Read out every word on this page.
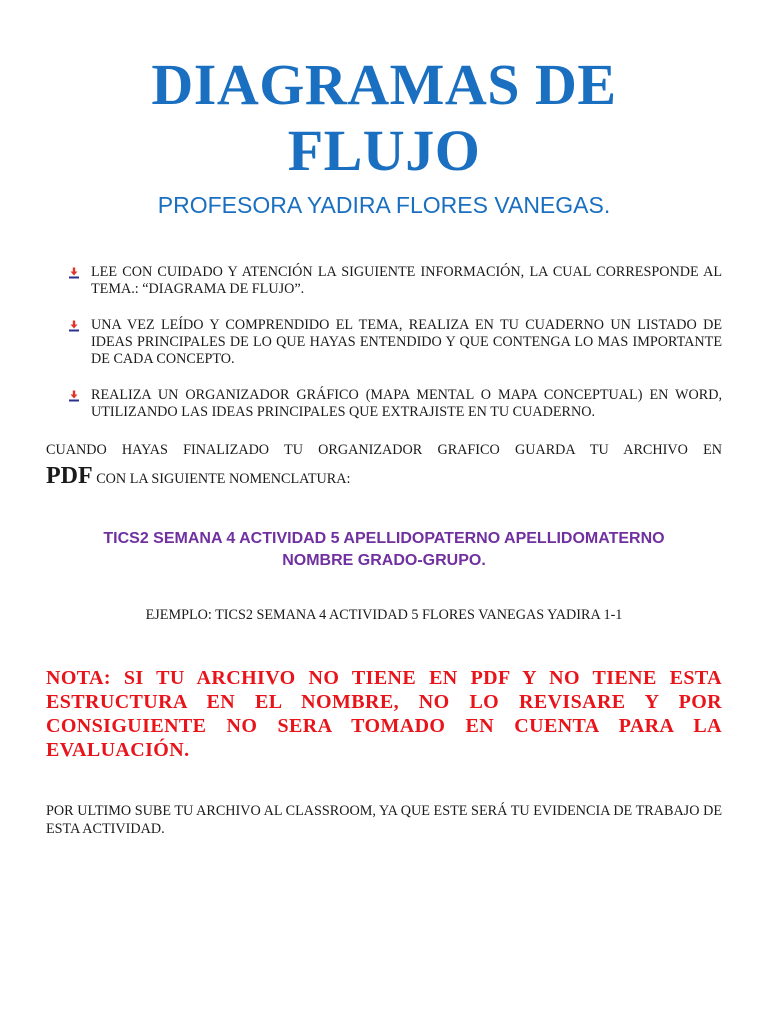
DIAGRAMAS DE
FLUJO

PROFESORA YADIRA FLORES VANEGAS.

LEE CON CUIDADO Y ATENCIÓN LA SIGUIENTE INFORMACIÓN, LA CUAL CORRESPONDE AL TEMA.: “DIAGRAMA DE FLUJO”.
UNA VEZ LEÍDO Y COMPRENDIDO EL TEMA, REALIZA EN TU CUADERNO UN LISTADO DE IDEAS PRINCIPALES DE LO QUE HAYAS ENTENDIDO Y QUE CONTENGA LO MAS IMPORTANTE DE CADA CONCEPTO.
REALIZA UN ORGANIZADOR GRÁFICO (MAPA MENTAL O MAPA CONCEPTUAL) EN WORD, UTILIZANDO LAS IDEAS PRINCIPALES QUE EXTRAJISTE EN TU CUADERNO.

CUANDO HAYAS FINALIZADO TU ORGANIZADOR GRAFICO GUARDA TU ARCHIVO EN

PDF CON LA SIGUIENTE NOMENCLATURA:

TICS2 SEMANA 4 ACTIVIDAD 5 APELLIDOPATERNO APELLIDOMATERNO
NOMBRE GRADO-GRUPO.

EJEMPLO: TICS2 SEMANA 4 ACTIVIDAD 5 FLORES VANEGAS YADIRA 1-1

NOTA: SI TU ARCHIVO NO TIENE EN PDF Y NO TIENE ESTA ESTRUCTURA EN EL NOMBRE, NO LO REVISARE Y POR CONSIGUIENTE NO SERA TOMADO EN CUENTA PARA LA EVALUACIÓN.

POR ULTIMO SUBE TU ARCHIVO AL CLASSROOM, YA QUE ESTE SERÁ TU EVIDENCIA DE TRABAJO DE ESTA ACTIVIDAD.
